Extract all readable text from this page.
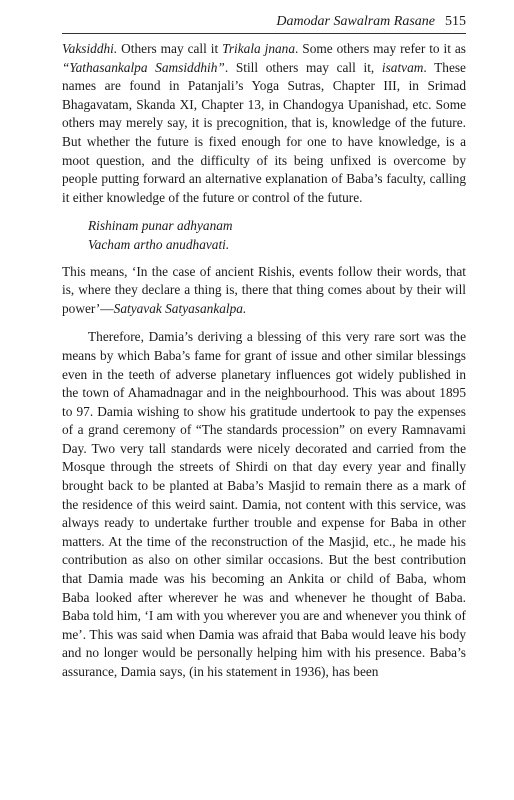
Damodar Sawalram Rasane 515

Vaksiddhi. Others may call it Trikala jnana. Some others may refer to it as “Yathasankalpa Samsiddhih”. Still others may call it, isatvam. These names are found in Patanjali’s Yoga Sutras, Chapter III, in Srimad Bhagavatam, Skanda XI, Chapter 13, in Chandogya Upanishad, etc. Some others may merely say, it is precognition, that is, knowledge of the future. But whether the future is fixed enough for one to have knowledge, is a moot question, and the difficulty of its being unfixed is overcome by people putting forward an alternative explanation of Baba’s faculty, calling it either knowledge of the future or control of the future.

Rishinam punar adhyanam
Vacham artho anudhavati.

This means, ‘In the case of ancient Rishis, events follow their words, that is, where they declare a thing is, there that thing comes about by their will power’—Satyavak Satyasankalpa.

Therefore, Damia’s deriving a blessing of this very rare sort was the means by which Baba’s fame for grant of issue and other similar blessings even in the teeth of adverse planetary influences got widely published in the town of Ahamadnagar and in the neighbourhood. This was about 1895 to 97. Damia wishing to show his gratitude undertook to pay the expenses of a grand ceremony of “The standards procession” on every Ramnavami Day. Two very tall standards were nicely decorated and carried from the Mosque through the streets of Shirdi on that day every year and finally brought back to be planted at Baba’s Masjid to remain there as a mark of the residence of this weird saint. Damia, not content with this service, was always ready to undertake further trouble and expense for Baba in other matters. At the time of the reconstruction of the Masjid, etc., he made his contribution as also on other similar occasions. But the best contribution that Damia made was his becoming an Ankita or child of Baba, whom Baba looked after wherever he was and whenever he thought of Baba. Baba told him, ‘I am with you wherever you are and whenever you think of me’. This was said when Damia was afraid that Baba would leave his body and no longer would be personally helping him with his presence. Baba’s assurance, Damia says, (in his statement in 1936), has been
